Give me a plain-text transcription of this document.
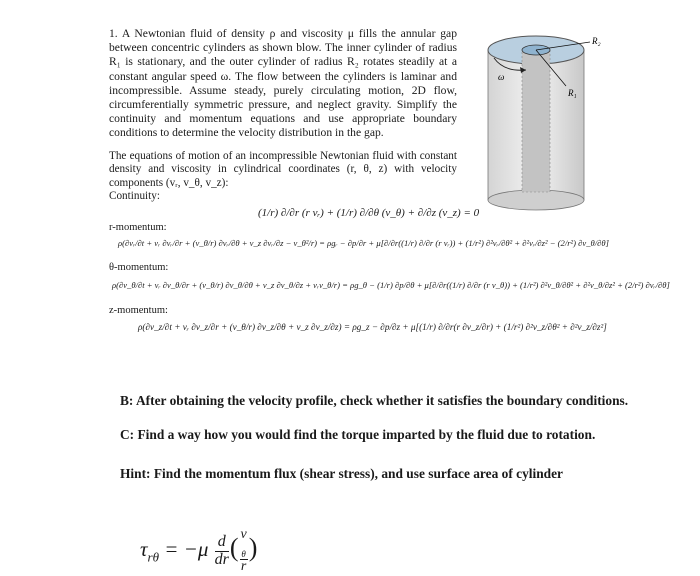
1. A Newtonian fluid of density ρ and viscosity μ fills the annular gap between concentric cylinders as shown blow. The inner cylinder of radius R₁ is stationary, and the outer cylinder of radius R₂ rotates steadily at a constant angular speed ω. The flow between the cylinders is laminar and incompressible. Assume steady, purely circulating motion, 2D flow, circumferentially symmetric pressure, and neglect gravity. Simplify the continuity and momentum equations and use appropriate boundary conditions to determine the velocity distribution in the gap.

R₂
R₁
ω

The equations of motion of an incompressible Newtonian fluid with constant density and viscosity in cylindrical coordinates (r, θ, z) with velocity components (vᵣ, v_θ, v_z):

Continuity:

(1/r) ∂/∂r (r vᵣ) + (1/r) ∂/∂θ (v_θ) + ∂/∂z (v_z) = 0
r-momentum:
ρ(∂vᵣ/∂t + vᵣ ∂vᵣ/∂r + (v_θ/r) ∂vᵣ/∂θ + v_z ∂vᵣ/∂z − v_θ²/r) = ρgᵣ − ∂p/∂r + μ[∂/∂r((1/r) ∂/∂r (r vᵣ)) + (1/r²) ∂²vᵣ/∂θ² + ∂²vᵣ/∂z² − (2/r²) ∂v_θ/∂θ]
θ-momentum:
ρ(∂v_θ/∂t + vᵣ ∂v_θ/∂r + (v_θ/r) ∂v_θ/∂θ + v_z ∂v_θ/∂z + vᵣv_θ/r) = ρg_θ − (1/r) ∂p/∂θ + μ[∂/∂r((1/r) ∂/∂r (r v_θ)) + (1/r²) ∂²v_θ/∂θ² + ∂²v_θ/∂z² + (2/r²) ∂vᵣ/∂θ]
z-momentum:
ρ(∂v_z/∂t + vᵣ ∂v_z/∂r + (v_θ/r) ∂v_z/∂θ + v_z ∂v_z/∂z) = ρg_z − ∂p/∂z + μ[(1/r) ∂/∂r(r ∂v_z/∂r) + (1/r²) ∂²v_z/∂θ² + ∂²v_z/∂z²]
B: After obtaining the velocity profile, check whether it satisfies the boundary conditions.
C: Find a way how you would find the torque imparted by the fluid due to rotation.
Hint: Find the momentum flux (shear stress), and use surface area of cylinder
$\tau_{r\theta} = -\mu \frac{d}{dr}$ ( v
$_\theta$
r )
